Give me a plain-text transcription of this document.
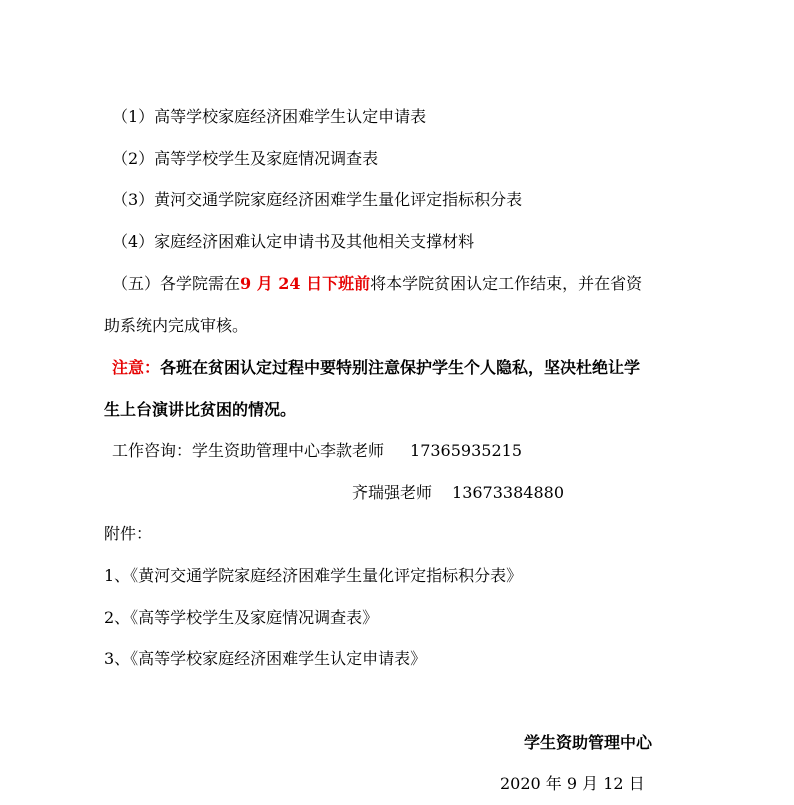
（1）高等学校家庭经济困难学生认定申请表
（2）高等学校学生及家庭情况调查表
（3）黄河交通学院家庭经济困难学生量化评定指标积分表
（4）家庭经济困难认定申请书及其他相关支撑材料
（五）各学院需在9 月 24 日下班前将本学院贫困认定工作结束，并在省资
助系统内完成审核。
注意：各班在贫困认定过程中要特别注意保护学生个人隐私，坚决杜绝让学
生上台演讲比贫困的情况。
工作咨询：学生资助管理中心李款老师 17365935215
齐瑞强老师 13673384880
附件：
1、《黄河交通学院家庭经济困难学生量化评定指标积分表》
2、《高等学校学生及家庭情况调查表》
3、《高等学校家庭经济困难学生认定申请表》
学生资助管理中心
2020 年 9 月 12 日
